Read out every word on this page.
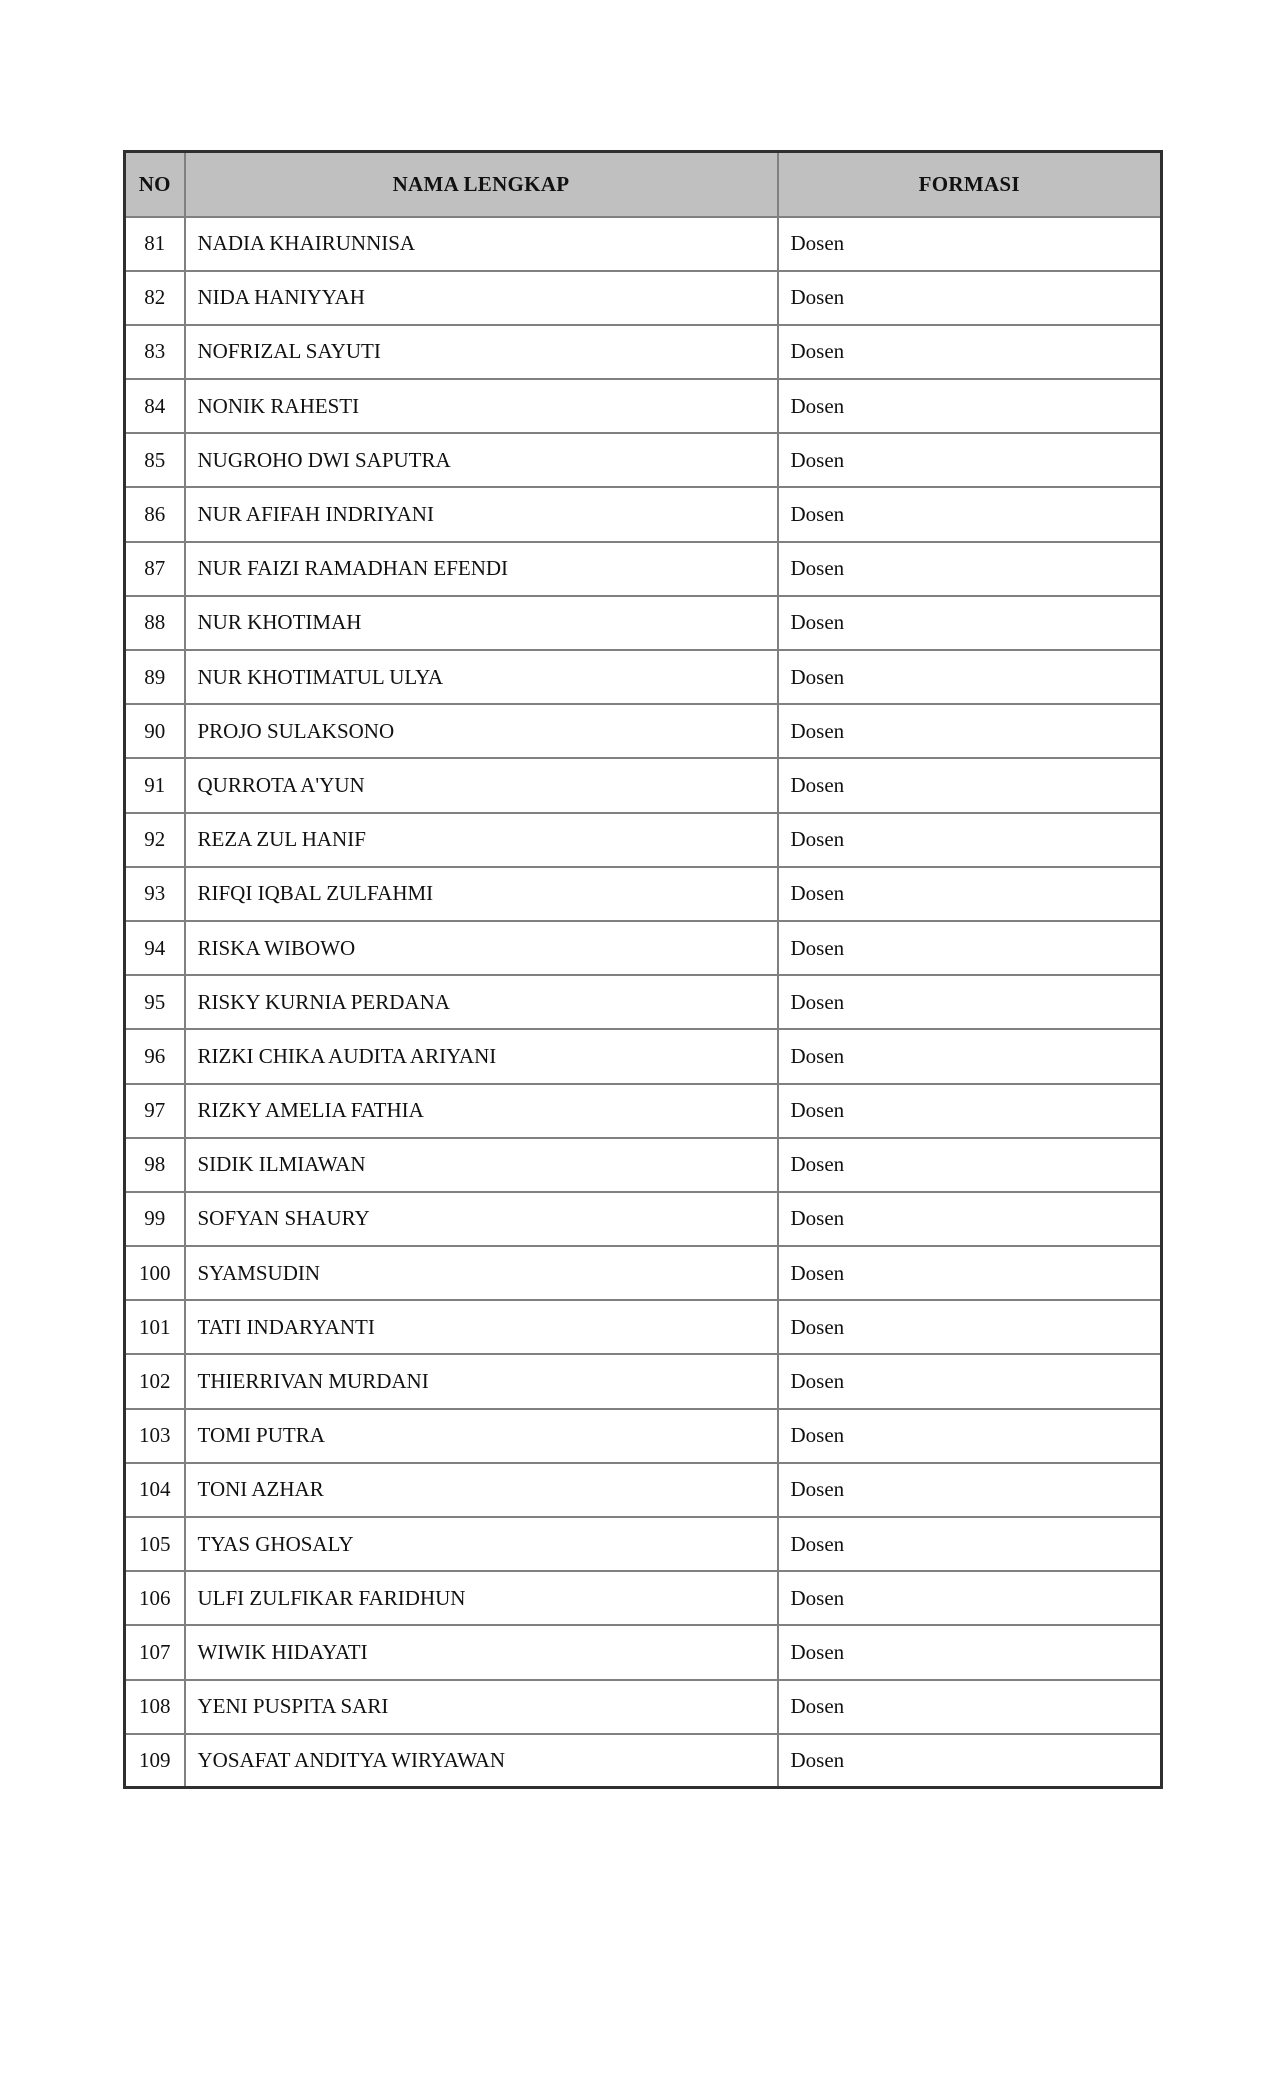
NO	NAMA LENGKAP	FORMASI
81	NADIA KHAIRUNNISA	Dosen
82	NIDA HANIYYAH	Dosen
83	NOFRIZAL SAYUTI	Dosen
84	NONIK RAHESTI	Dosen
85	NUGROHO DWI SAPUTRA	Dosen
86	NUR AFIFAH INDRIYANI	Dosen
87	NUR FAIZI RAMADHAN EFENDI	Dosen
88	NUR KHOTIMAH	Dosen
89	NUR KHOTIMATUL ULYA	Dosen
90	PROJO SULAKSONO	Dosen
91	QURROTA A'YUN	Dosen
92	REZA ZUL HANIF	Dosen
93	RIFQI IQBAL ZULFAHMI	Dosen
94	RISKA WIBOWO	Dosen
95	RISKY KURNIA PERDANA	Dosen
96	RIZKI CHIKA AUDITA ARIYANI	Dosen
97	RIZKY AMELIA FATHIA	Dosen
98	SIDIK ILMIAWAN	Dosen
99	SOFYAN SHAURY	Dosen
100	SYAMSUDIN	Dosen
101	TATI INDARYANTI	Dosen
102	THIERRIVAN MURDANI	Dosen
103	TOMI PUTRA	Dosen
104	TONI AZHAR	Dosen
105	TYAS GHOSALY	Dosen
106	ULFI ZULFIKAR FARIDHUN	Dosen
107	WIWIK HIDAYATI	Dosen
108	YENI PUSPITA SARI	Dosen
109	YOSAFAT ANDITYA WIRYAWAN	Dosen
